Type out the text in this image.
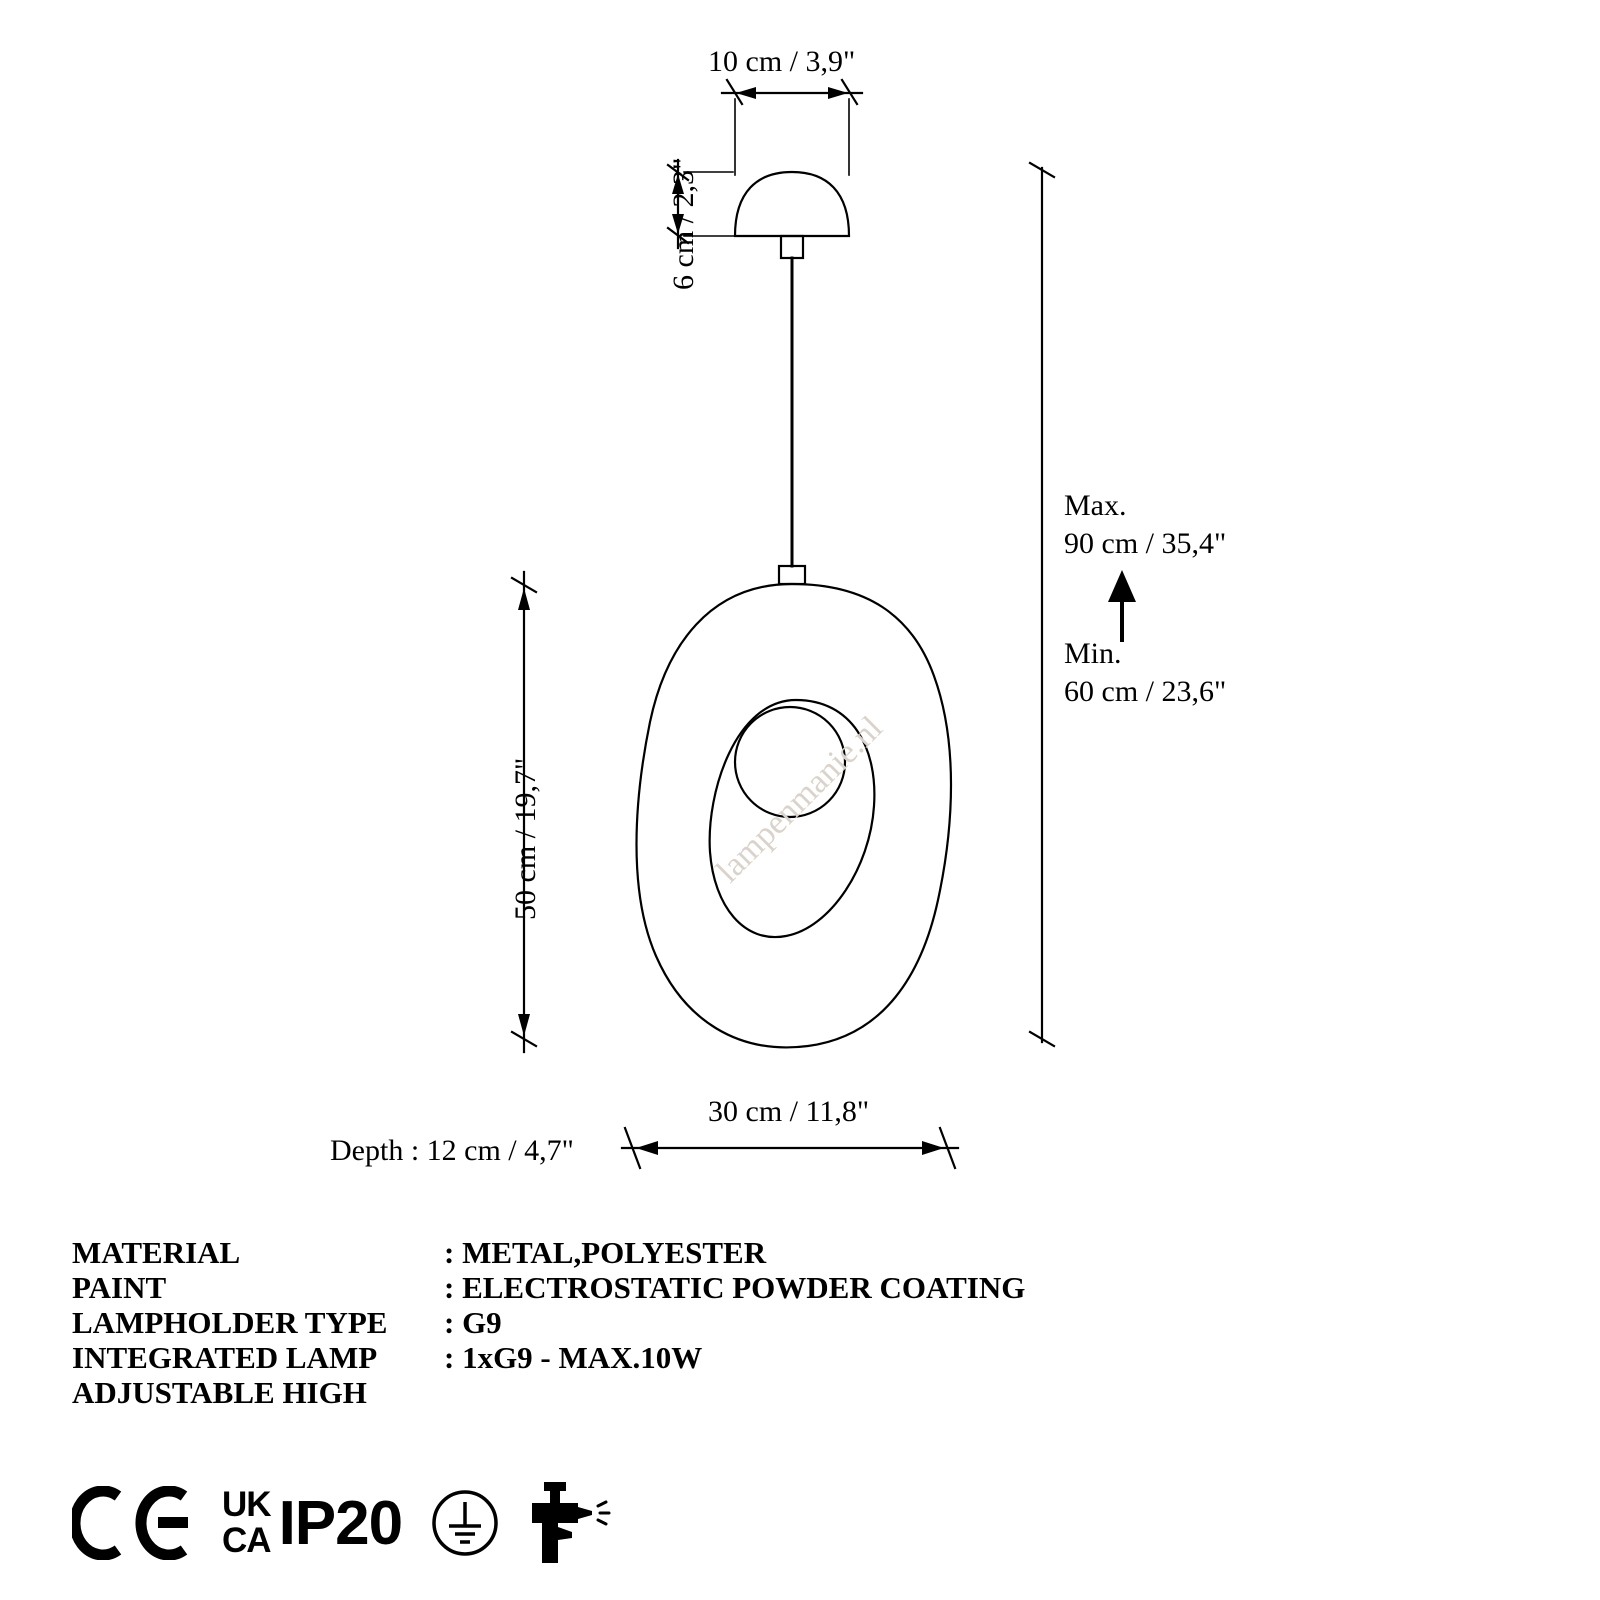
10 cm / 3,9"
6 cm / 2,3"
50 cm / 19,7"
Max.
90 cm / 35,4"
Min.
60 cm / 23,6"
30 cm / 11,8"
Depth : 12 cm / 4,7"
lampenmanie.nl
MATERIAL	: METAL,POLYESTER
PAINT	: ELECTROSTATIC POWDER COATING
LAMPHOLDER TYPE	: G9
INTEGRATED LAMP	: 1xG9 - MAX.10W
ADJUSTABLE HIGH
UK
CA IP20
